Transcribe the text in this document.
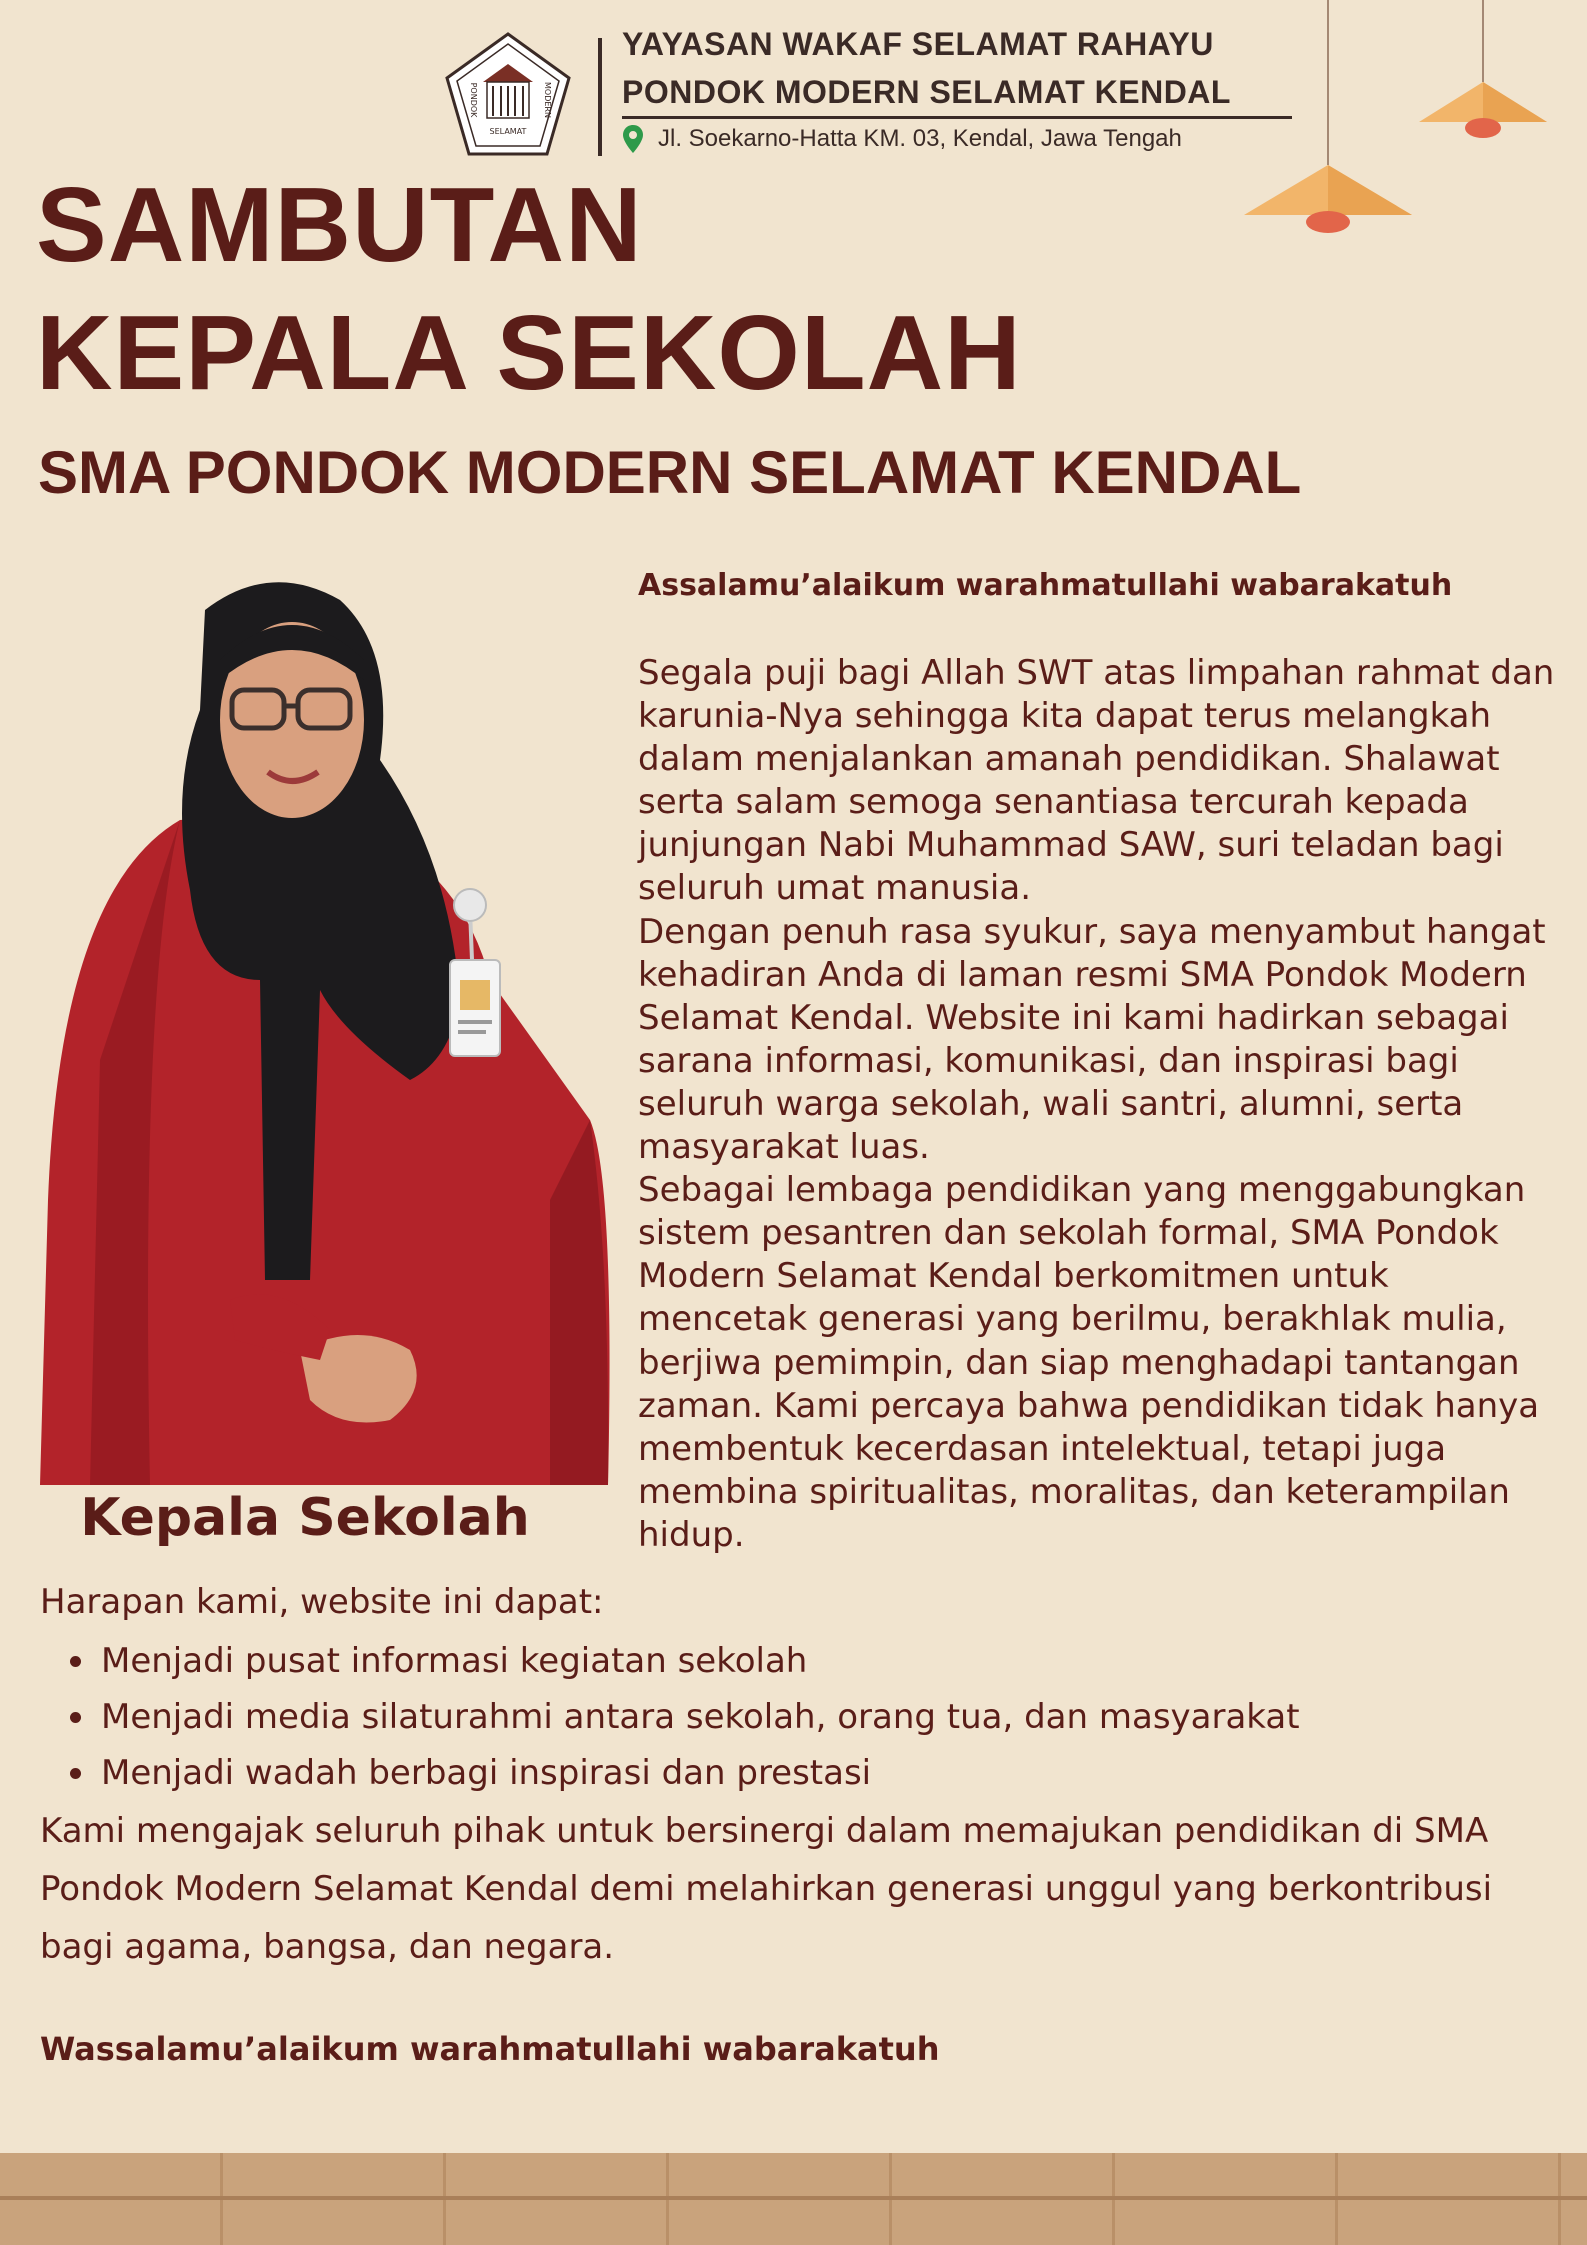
PONDOK	MODERN
SELAMAT
YAYASAN WAKAF SELAMAT RAHAYU
PONDOK MODERN SELAMAT KENDAL
Jl. Soekarno-Hatta KM. 03, Kendal, Jawa Tengah
SAMBUTAN
KEPALA SEKOLAH
SMA PONDOK MODERN SELAMAT KENDAL
Kepala Sekolah
Assalamu’alaikum warahmatullahi wabarakatuh

Segala puji bagi Allah SWT atas limpahan rahmat dan karunia-Nya sehingga kita dapat terus melangkah dalam menjalankan amanah pendidikan. Shalawat serta salam semoga senantiasa tercurah kepada junjungan Nabi Muhammad SAW, suri teladan bagi seluruh umat manusia.

Dengan penuh rasa syukur, saya menyambut hangat kehadiran Anda di laman resmi SMA Pondok Modern Selamat Kendal. Website ini kami hadirkan sebagai sarana informasi, komunikasi, dan inspirasi bagi seluruh warga sekolah, wali santri, alumni, serta masyarakat luas.

Sebagai lembaga pendidikan yang menggabungkan sistem pesantren dan sekolah formal, SMA Pondok Modern Selamat Kendal berkomitmen untuk mencetak generasi yang berilmu, berakhlak mulia, berjiwa pemimpin, dan siap menghadapi tantangan zaman. Kami percaya bahwa pendidikan tidak hanya membentuk kecerdasan intelektual, tetapi juga membina spiritualitas, moralitas, dan keterampilan hidup.

Harapan kami, website ini dapat:
Menjadi pusat informasi kegiatan sekolah
Menjadi media silaturahmi antara sekolah, orang tua, dan masyarakat
Menjadi wadah berbagi inspirasi dan prestasi

Kami mengajak seluruh pihak untuk bersinergi dalam memajukan pendidikan di SMA Pondok Modern Selamat Kendal demi melahirkan generasi unggul yang berkontribusi bagi agama, bangsa, dan negara.

Wassalamu’alaikum warahmatullahi wabarakatuh
